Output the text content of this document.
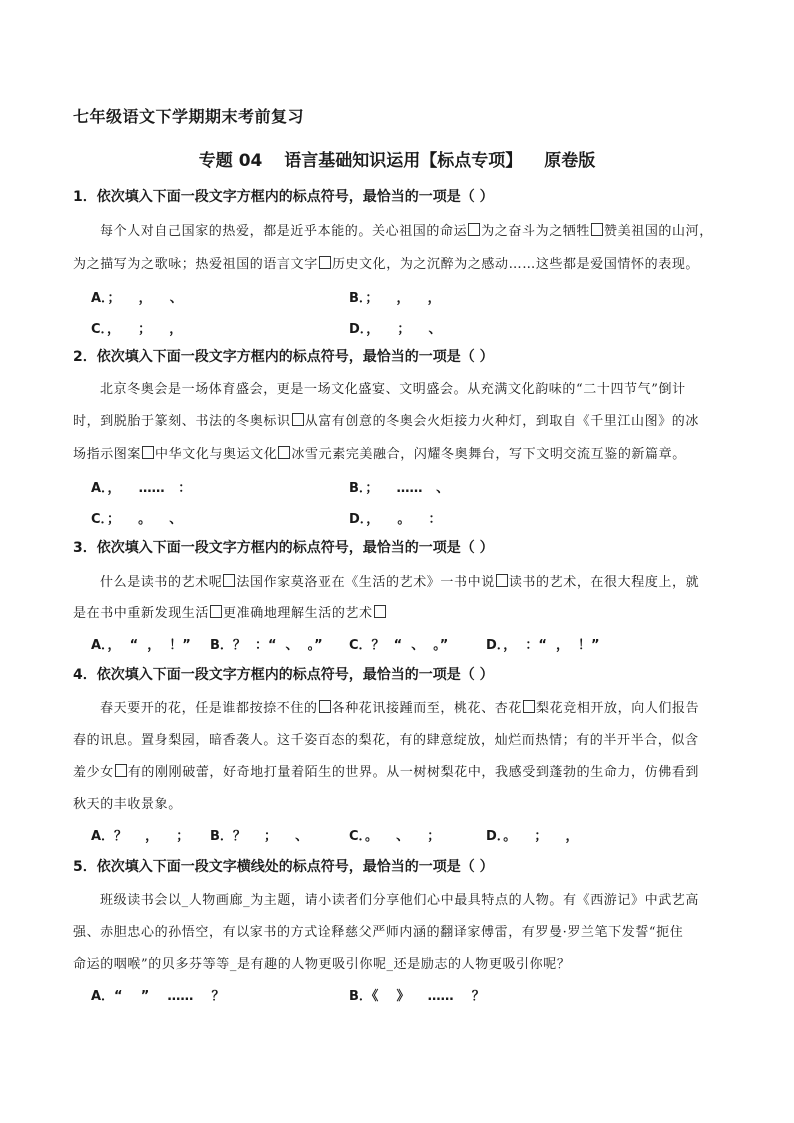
七年级语文下学期期末考前复习
专题 04 语言基础知识运用【标点专项】 原卷版
1．依次填入下面一段文字方框内的标点符号，最恰当的一项是（ ）
每个人对自己国家的热爱，都是近乎本能的。关心祖国的命运 为之奋斗为之牺牲 赞美祖国的山河，
为之描写为之歌咏；热爱祖国的语言文字 历史文化，为之沉醉为之感动……这些都是爱国情怀的表现。
A．；    ，    、	B．；    ，    ，
C．，    ；    ，	D．，    ；    、
2．依次填入下面一段文字方框内的标点符号，最恰当的一项是（ ）
北京冬奥会是一场体育盛会，更是一场文化盛宴、文明盛会。从充满文化韵味的“二十四节气”倒计
时，到脱胎于篆刻、书法的冬奥标识 从富有创意的冬奥会火炬接力火种灯，到取自《千里江山图》的冰
场指示图案 中华文化与奥运文化 冰雪元素完美融合，闪耀冬奥舞台，写下文明交流互鉴的新篇章。
A．，    ……   ：	B．；    ……   、
C．；    。    、	D．，    。    ：
3．依次填入下面一段文字方框内的标点符号，最恰当的一项是（ ）
什么是读书的艺术呢 法国作家莫洛亚在《生活的艺术》一书中说 读书的艺术，在很大程度上，就
是在书中重新发现生活 更准确地理解生活的艺术
A．，  “  ，  ！” B．？  ：“  、  。” C．？  “  、  。”	D．，  ：“  ，  ！”
4．依次填入下面一段文字方框内的标点符号，最恰当的一项是（ ）
春天要开的花，任是谁都按捺不住的 各种花讯接踵而至，桃花、杏花 梨花竞相开放，向人们报告
春的讯息。置身梨园，暗香袭人。这千姿百态的梨花，有的肆意绽放，灿烂而热情；有的半开半合，似含
羞少女 有的刚刚破蕾，好奇地打量着陌生的世界。从一树树梨花中，我感受到蓬勃的生命力，仿佛看到
秋天的丰收景象。
A．？    ，    ； B．？    ；    、	C．。    、    ；	D．。    ；    ，
5．依次填入下面一段文字横线处的标点符号，最恰当的一项是（ ）
班级读书会以_人物画廊_为主题，请小读者们分享他们心中最具特点的人物。有《西游记》中武艺高
强、赤胆忠心的孙悟空，有以家书的方式诠释慈父严师内涵的翻译家傅雷，有罗曼·罗兰笔下发誓“扼住
命运的咽喉”的贝多芬等等_是有趣的人物更吸引你呢_还是励志的人物更吸引你呢？
A．“    ”    ……    ？	B．《    》    ……    ？
